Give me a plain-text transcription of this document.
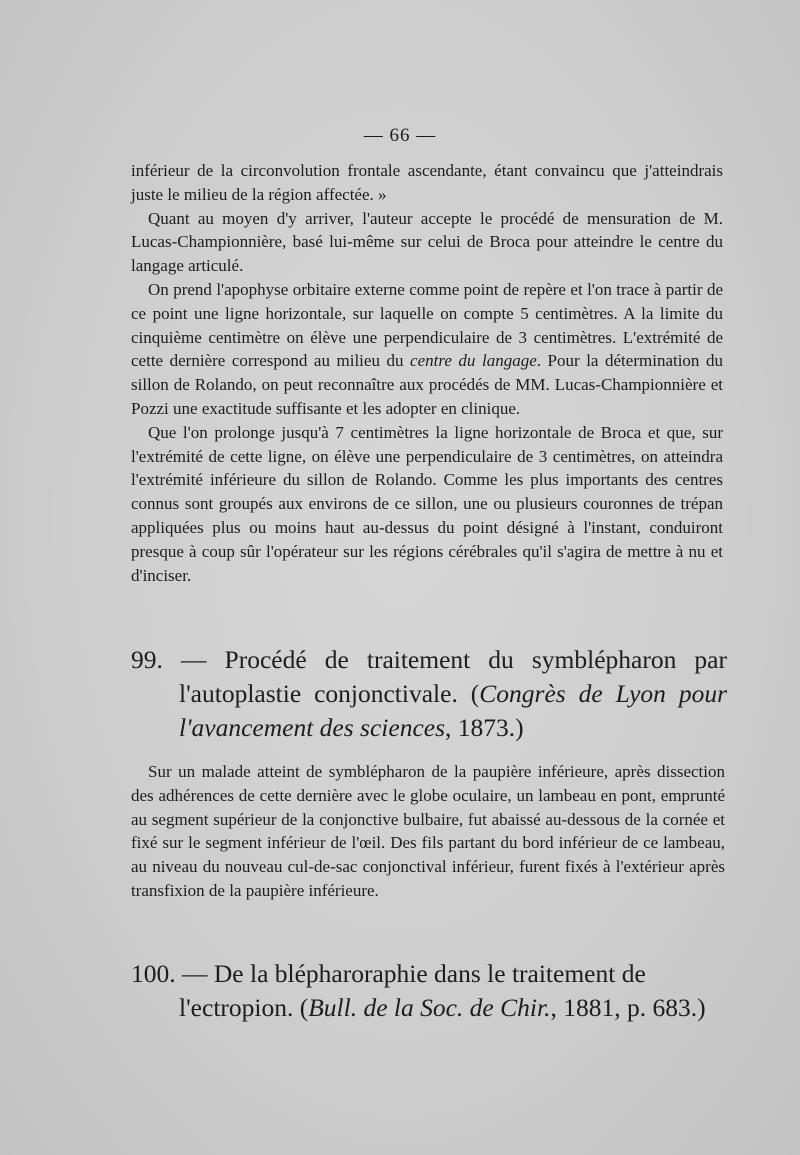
— 66 —

inférieur de la circonvolution frontale ascendante, étant convaincu que j'atteindrais juste le milieu de la région affectée. »

Quant au moyen d'y arriver, l'auteur accepte le procédé de mensuration de M. Lucas-Championnière, basé lui-même sur celui de Broca pour atteindre le centre du langage articulé.

On prend l'apophyse orbitaire externe comme point de repère et l'on trace à partir de ce point une ligne horizontale, sur laquelle on compte 5 centimètres. A la limite du cinquième centimètre on élève une perpendiculaire de 3 centimètres. L'extrémité de cette dernière correspond au milieu du centre du langage. Pour la détermination du sillon de Rolando, on peut reconnaître aux procédés de MM. Lucas-Championnière et Pozzi une exactitude suffisante et les adopter en clinique.

Que l'on prolonge jusqu'à 7 centimètres la ligne horizontale de Broca et que, sur l'extrémité de cette ligne, on élève une perpendiculaire de 3 centimètres, on atteindra l'extrémité inférieure du sillon de Rolando. Comme les plus importants des centres connus sont groupés aux environs de ce sillon, une ou plusieurs couronnes de trépan appliquées plus ou moins haut au-dessus du point désigné à l'instant, conduiront presque à coup sûr l'opérateur sur les régions cérébrales qu'il s'agira de mettre à nu et d'inciser.

99. — Procédé de traitement du symblépharon par l'autoplastie conjonctivale. (Congrès de Lyon pour l'avancement des sciences, 1873.)

Sur un malade atteint de symblépharon de la paupière inférieure, après dissection des adhérences de cette dernière avec le globe oculaire, un lambeau en pont, emprunté au segment supérieur de la conjonctive bulbaire, fut abaissé au-dessous de la cornée et fixé sur le segment inférieur de l'œil. Des fils partant du bord inférieur de ce lambeau, au niveau du nouveau cul-de-sac conjonctival inférieur, furent fixés à l'extérieur après transfixion de la paupière inférieure.

100. — De la blépharoraphie dans le traitement de l'ectropion. (Bull. de la Soc. de Chir., 1881, p. 683.)
